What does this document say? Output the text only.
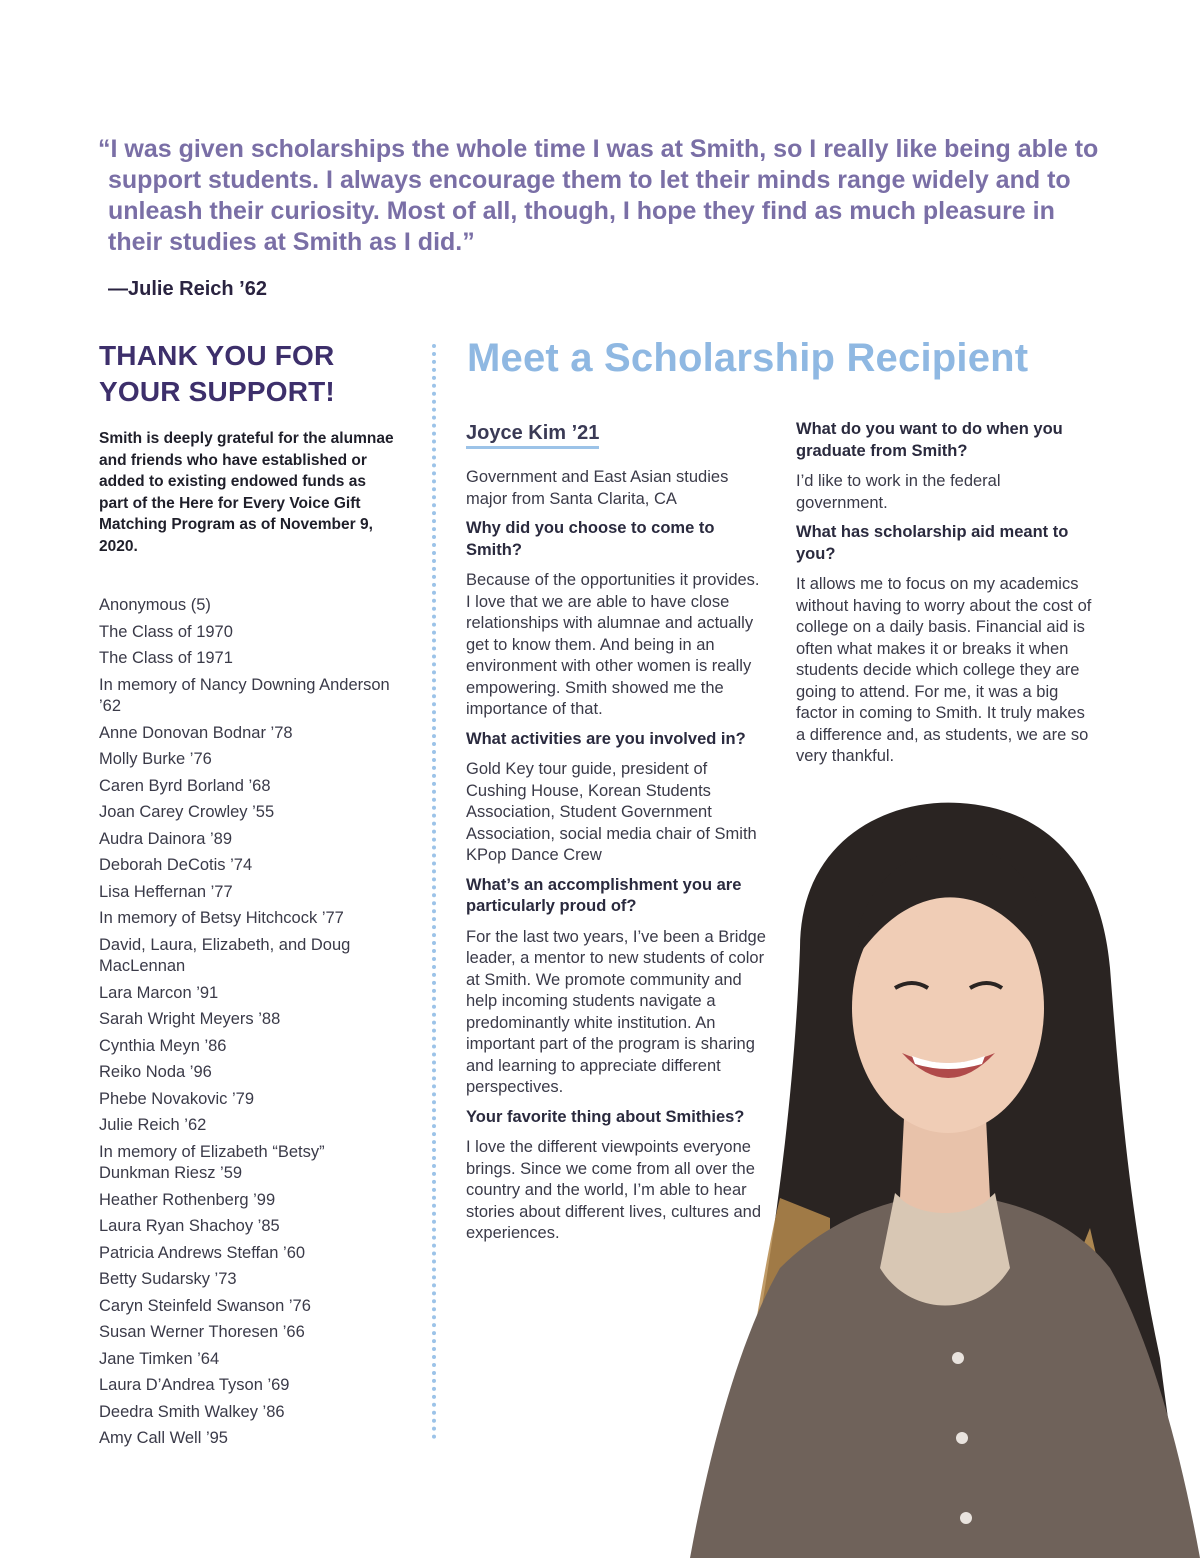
“I was given scholarships the whole time I was at Smith, so I really like being able to support students. I always encourage them to let their minds range widely and to unleash their curiosity. Most of all, though, I hope they find as much pleasure in their studies at Smith as I did.”

—Julie Reich ’62
THANK YOU FOR YOUR SUPPORT!
Smith is deeply grateful for the alumnae and friends who have established or added to existing endowed funds as part of the Here for Every Voice Gift Matching Program as of November 9, 2020.
Anonymous (5)
The Class of 1970
The Class of 1971
In memory of Nancy Downing Anderson ’62
Anne Donovan Bodnar ’78
Molly Burke ’76
Caren Byrd Borland ’68
Joan Carey Crowley ’55
Audra Dainora ’89
Deborah DeCotis ’74
Lisa Heffernan ’77
In memory of Betsy Hitchcock ’77
David, Laura, Elizabeth, and Doug MacLennan
Lara Marcon ’91
Sarah Wright Meyers ’88
Cynthia Meyn ’86
Reiko Noda ’96
Phebe Novakovic ’79
Julie Reich ’62
In memory of Elizabeth “Betsy” Dunkman Riesz ’59
Heather Rothenberg ’99
Laura Ryan Shachoy ’85
Patricia Andrews Steffan ’60
Betty Sudarsky ’73
Caryn Steinfeld Swanson ’76
Susan Werner Thoresen ’66
Jane Timken ’64
Laura D’Andrea Tyson ’69
Deedra Smith Walkey ’86
Amy Call Well ’95
Meet a Scholarship Recipient
Joyce Kim ’21
Government and East Asian studies major from Santa Clarita, CA
Why did you choose to come to Smith?
Because of the opportunities it provides. I love that we are able to have close relationships with alumnae and actually get to know them. And being in an environment with other women is really empowering. Smith showed me the importance of that.
What activities are you involved in?
Gold Key tour guide, president of Cushing House, Korean Students Association, Student Government Association, social media chair of Smith KPop Dance Crew
What’s an accomplishment you are particularly proud of?
For the last two years, I’ve been a Bridge leader, a mentor to new students of color at Smith. We promote community and help incoming students navigate a predominantly white institution. An important part of the program is sharing and learning to appreciate different perspectives.
Your favorite thing about Smithies?
I love the different viewpoints everyone brings. Since we come from all over the country and the world, I’m able to hear stories about different lives, cultures and experiences.
What do you want to do when you graduate from Smith?
I’d like to work in the federal government.
What has scholarship aid meant to you?
It allows me to focus on my academics without having to worry about the cost of college on a daily basis. Financial aid is often what makes it or breaks it when students decide which college they are going to attend. For me, it was a big factor in coming to Smith. It truly makes a difference and, as students, we are so very thankful.
